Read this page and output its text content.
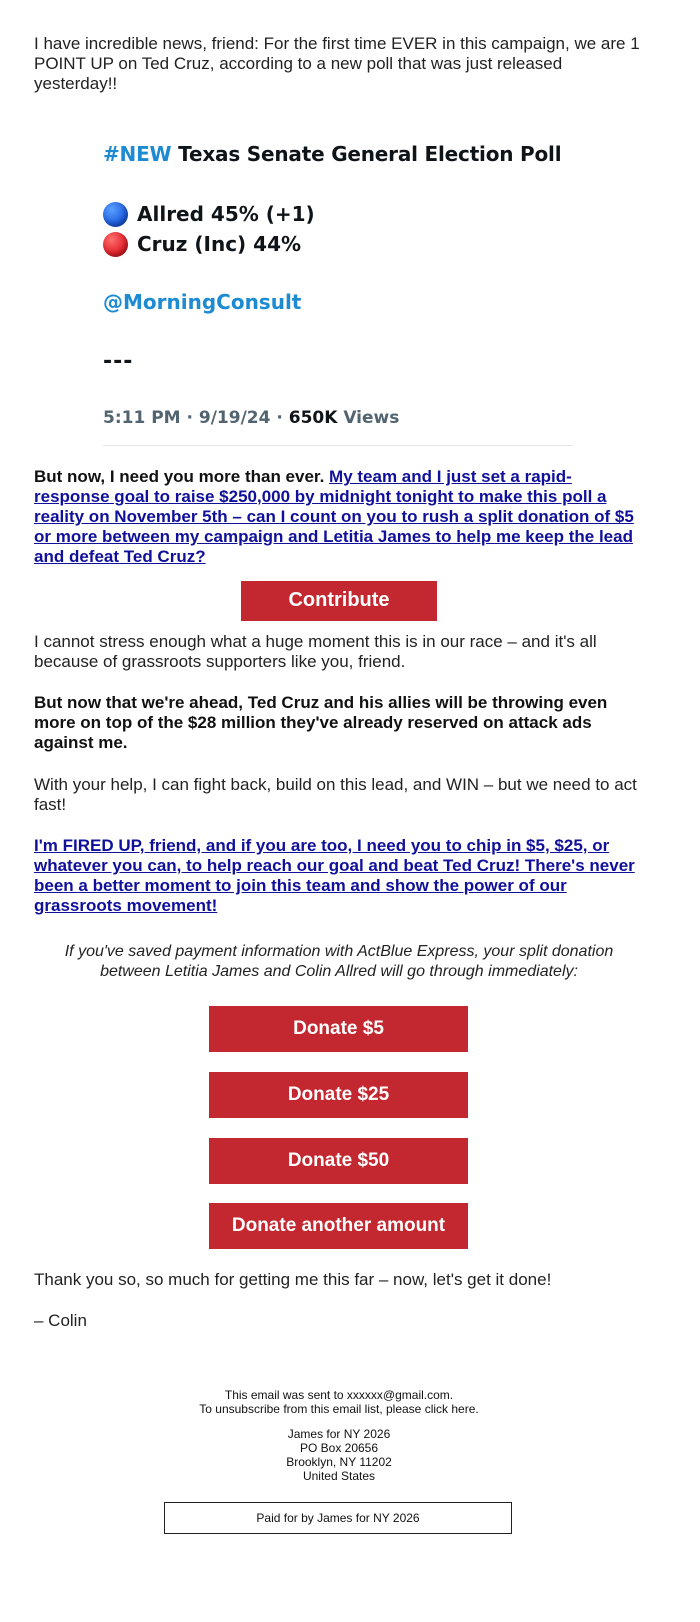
I have incredible news, friend: For the first time EVER in this campaign, we are 1 POINT UP on Ted Cruz, according to a new poll that was just released yesterday!!

#NEW Texas Senate General Election Poll
Allred 45% (+1)
Cruz (Inc) 44%
@MorningConsult
---
5:11 PM · 9/19/24 · 650K Views

But now, I need you more than ever. My team and I just set a rapid-response goal to raise $250,000 by midnight tonight to make this poll a reality on November 5th – can I count on you to rush a split donation of $5 or more between my campaign and Letitia James to help me keep the lead and defeat Ted Cruz?

Contribute

I cannot stress enough what a huge moment this is in our race – and it's all because of grassroots supporters like you, friend.

But now that we're ahead, Ted Cruz and his allies will be throwing even more on top of the $28 million they've already reserved on attack ads against me.

With your help, I can fight back, build on this lead, and WIN – but we need to act fast!

I'm FIRED UP, friend, and if you are too, I need you to chip in $5, $25, or whatever you can, to help reach our goal and beat Ted Cruz! There's never been a better moment to join this team and show the power of our grassroots movement!

If you've saved payment information with ActBlue Express, your split donation between Letitia James and Colin Allred will go through immediately:
Donate $5
Donate $25
Donate $50
Donate another amount

Thank you so, so much for getting me this far – now, let's get it done!

– Colin

This email was sent to xxxxxx@gmail.com.
To unsubscribe from this email list, please click here.
James for NY 2026
PO Box 20656
Brooklyn, NY 11202
United States
Paid for by James for NY 2026
